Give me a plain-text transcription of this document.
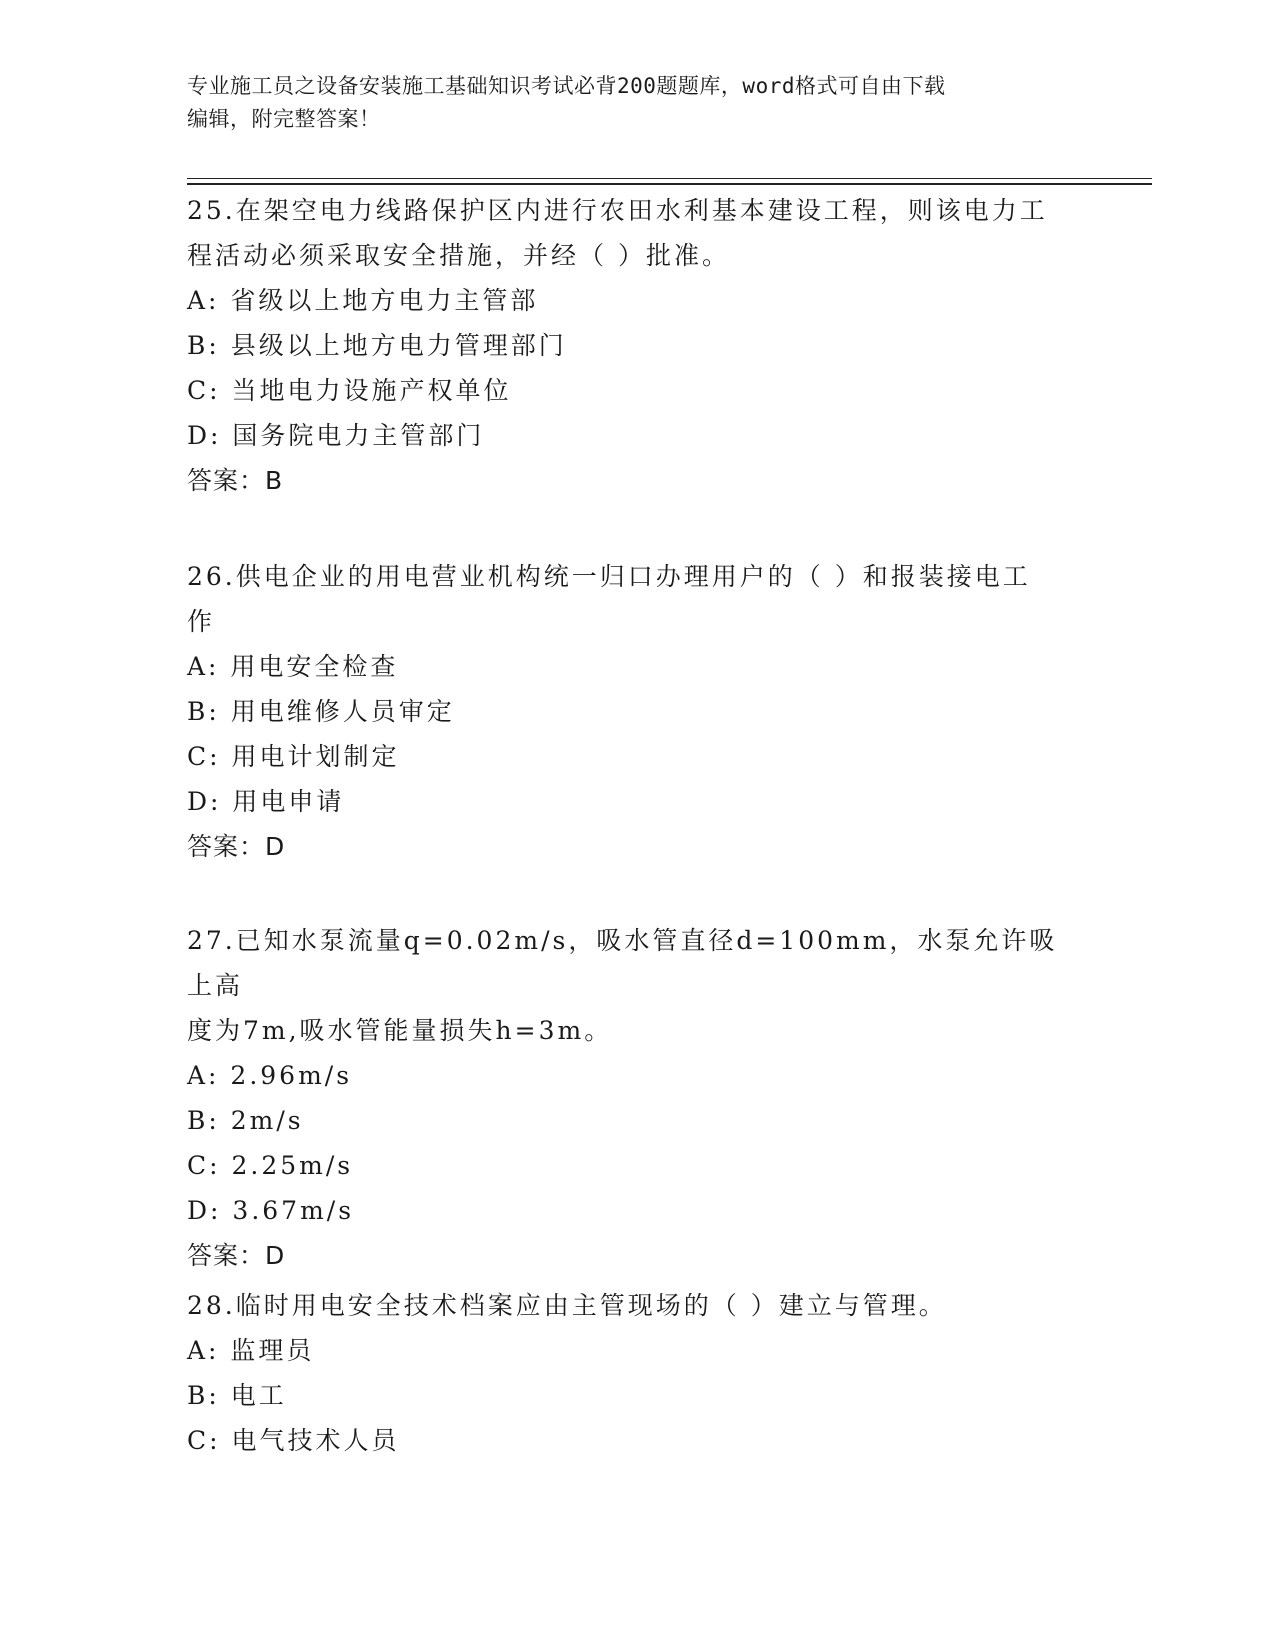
专业施工员之设备安装施工基础知识考试必背200题题库，word格式可自由下载
编辑，附完整答案！

25.在架空电力线路保护区内进行农田水利基本建设工程，则该电力工

程活动必须采取安全措施，并经（ ）批准。

A: 省级以上地方电力主管部

B: 县级以上地方电力管理部门

C: 当地电力设施产权单位

D: 国务院电力主管部门

答案：B

26.供电企业的用电营业机构统一归口办理用户的（ ）和报装接电工

作

A: 用电安全检查

B: 用电维修人员审定

C: 用电计划制定

D: 用电申请

答案：D

27.已知水泵流量q=0.02m/s，吸水管直径d=100mm，水泵允许吸上高

度为7m,吸水管能量损失h=3m。

A: 2.96m/s

B: 2m/s

C: 2.25m/s

D: 3.67m/s

答案：D

28.临时用电安全技术档案应由主管现场的（ ）建立与管理。

A: 监理员

B: 电工

C: 电气技术人员
